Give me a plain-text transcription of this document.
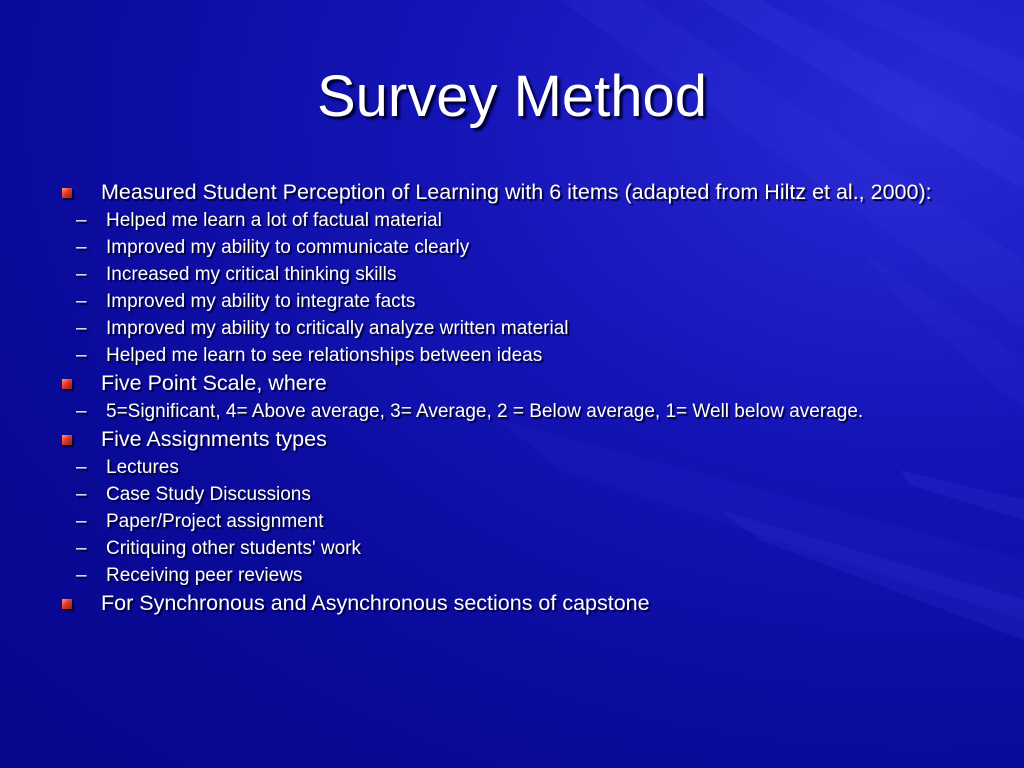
Survey Method
Measured Student Perception of Learning with 6 items (adapted from Hiltz et al., 2000):
– Helped me learn a lot of factual material
– Improved my ability to communicate clearly
– Increased my critical thinking skills
– Improved my ability to integrate facts
– Improved my ability to critically analyze written material
– Helped me learn to see relationships between ideas
Five Point Scale, where
– 5=Significant, 4= Above average, 3= Average, 2 = Below average, 1= Well below average.
Five Assignments types
– Lectures
– Case Study Discussions
– Paper/Project assignment
– Critiquing other students' work
– Receiving peer reviews
For Synchronous and Asynchronous sections of capstone
